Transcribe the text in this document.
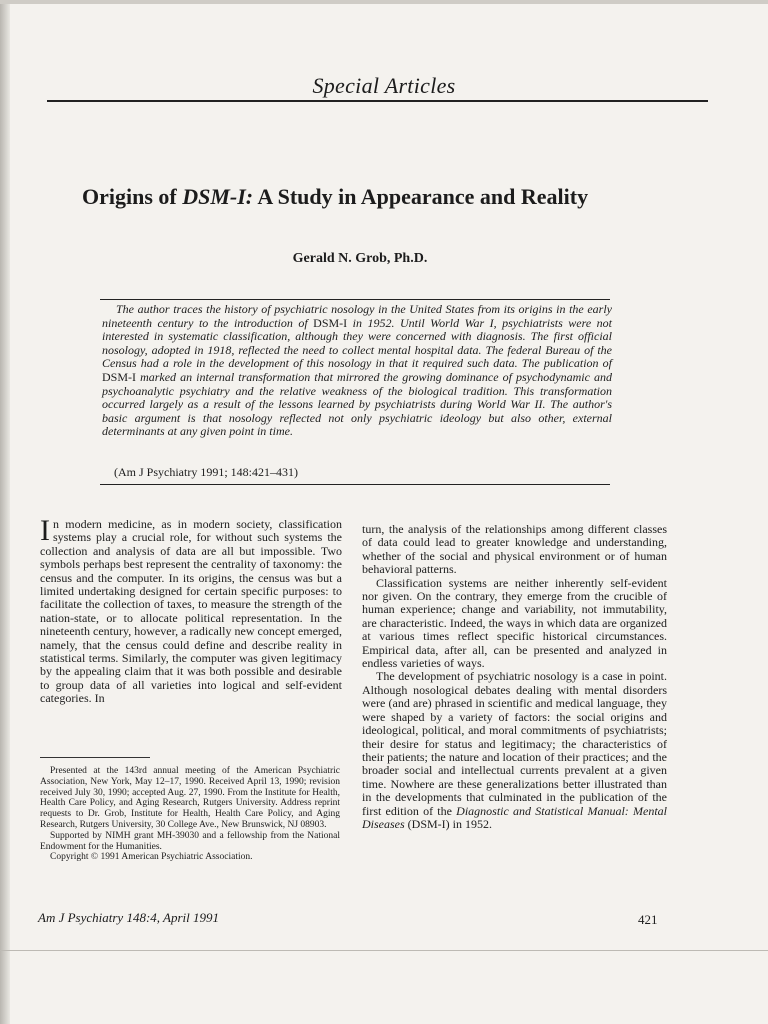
Special Articles
Origins of DSM-I: A Study in Appearance and Reality
Gerald N. Grob, Ph.D.
The author traces the history of psychiatric nosology in the United States from its origins in the early nineteenth century to the introduction of DSM-I in 1952. Until World War I, psychiatrists were not interested in systematic classification, although they were concerned with diagnosis. The first official nosology, adopted in 1918, reflected the need to collect mental hospital data. The federal Bureau of the Census had a role in the development of this nosology in that it required such data. The publication of DSM-I marked an internal transformation that mirrored the growing dominance of psychodynamic and psychoanalytic psychiatry and the relative weakness of the biological tradition. This transformation occurred largely as a result of the lessons learned by psychiatrists during World War II. The author's basic argument is that nosology reflected not only psychiatric ideology but also other, external determinants at any given point in time.
(Am J Psychiatry 1991; 148:421–431)

In modern medicine, as in modern society, classification systems play a crucial role, for without such systems the collection and analysis of data are all but impossible. Two symbols perhaps best represent the centrality of taxonomy: the census and the computer. In its origins, the census was but a limited undertaking designed for certain specific purposes: to facilitate the collection of taxes, to measure the strength of the nation-state, or to allocate political representation. In the nineteenth century, however, a radically new concept emerged, namely, that the census could define and describe reality in statistical terms. Similarly, the computer was given legitimacy by the appealing claim that it was both possible and desirable to group data of all varieties into logical and self-evident categories. In

turn, the analysis of the relationships among different classes of data could lead to greater knowledge and understanding, whether of the social and physical environment or of human behavioral patterns.

Classification systems are neither inherently self-evident nor given. On the contrary, they emerge from the crucible of human experience; change and variability, not immutability, are characteristic. Indeed, the ways in which data are organized at various times reflect specific historical circumstances. Empirical data, after all, can be presented and analyzed in endless varieties of ways.

The development of psychiatric nosology is a case in point. Although nosological debates dealing with mental disorders were (and are) phrased in scientific and medical language, they were shaped by a variety of factors: the social origins and ideological, political, and moral commitments of psychiatrists; their desire for status and legitimacy; the characteristics of their patients; the nature and location of their practices; and the broader social and intellectual currents prevalent at a given time. Nowhere are these generalizations better illustrated than in the developments that culminated in the publication of the first edition of the Diagnostic and Statistical Manual: Mental Diseases (DSM-I) in 1952.

Presented at the 143rd annual meeting of the American Psychiatric Association, New York, May 12–17, 1990. Received April 13, 1990; revision received July 30, 1990; accepted Aug. 27, 1990. From the Institute for Health, Health Care Policy, and Aging Research, Rutgers University. Address reprint requests to Dr. Grob, Institute for Health, Health Care Policy, and Aging Research, Rutgers University, 30 College Ave., New Brunswick, NJ 08903.

Supported by NIMH grant MH-39030 and a fellowship from the National Endowment for the Humanities.

Copyright © 1991 American Psychiatric Association.

Am J Psychiatry 148:4, April 1991	421
